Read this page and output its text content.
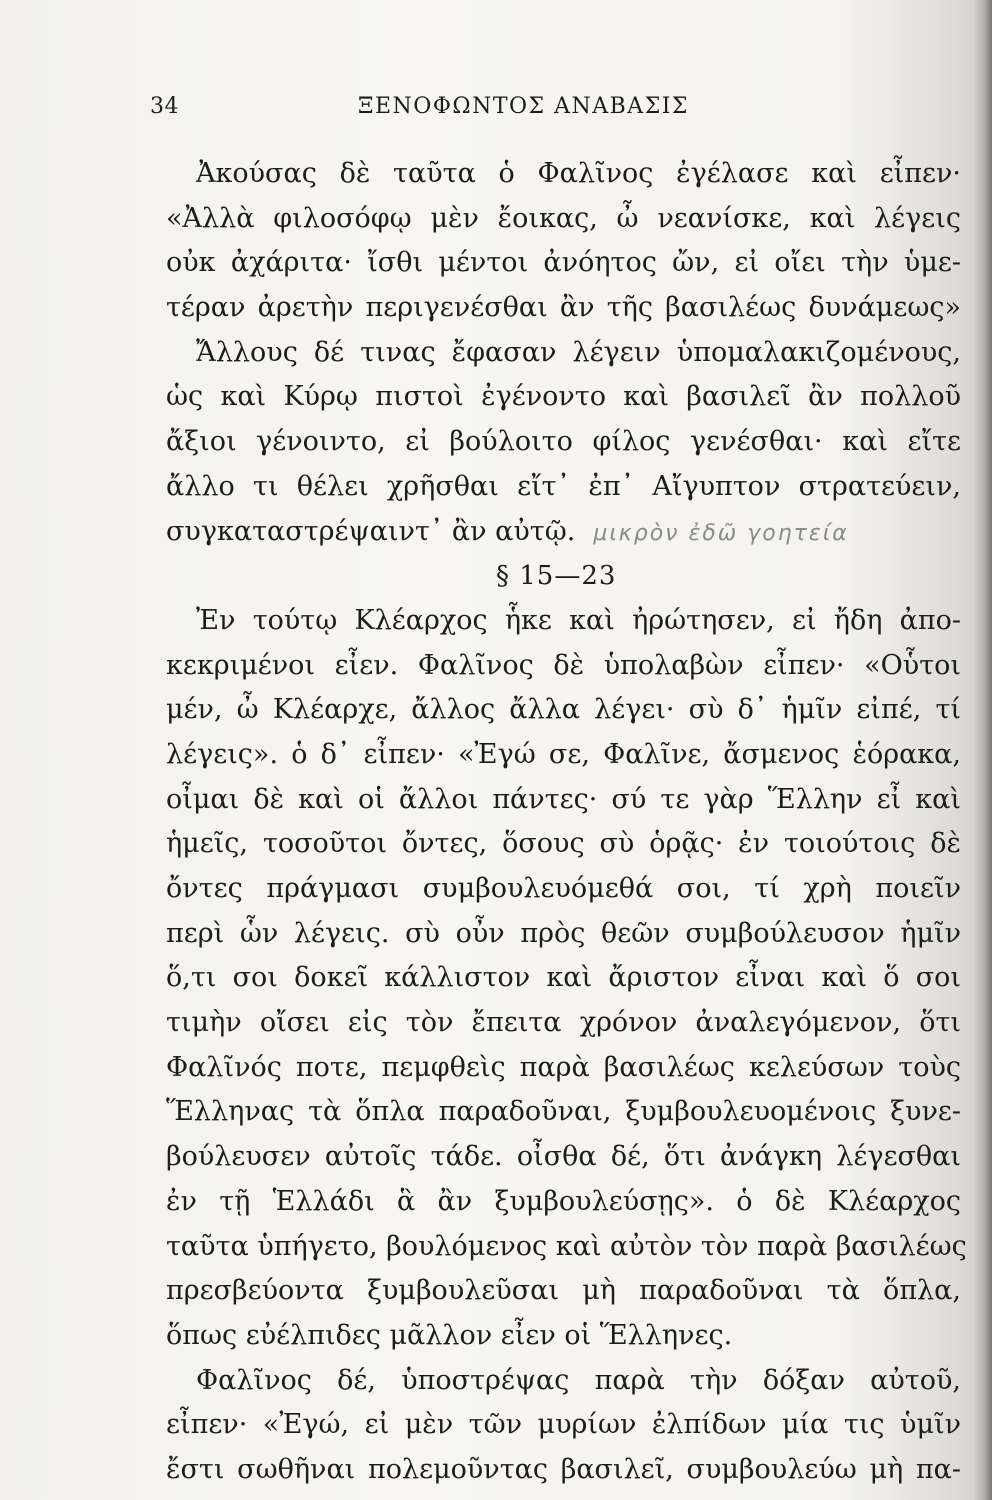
34	ΞΕΝΟΦΩΝΤΟΣ ΑΝΑΒΑΣΙΣ
Ἀκούσας δὲ ταῦτα ὁ Φαλῖνος ἐγέλασε καὶ εἶπεν·
«Ἀλλὰ φιλοσόφῳ μὲν ἔοικας, ὦ νεανίσκε, καὶ λέγεις
οὐκ ἀχάριτα· ἴσθι μέντοι ἀνόητος ὤν, εἰ οἴει τὴν ὑμε-
τέραν ἀρετὴν περιγενέσθαι ἂν τῆς βασιλέως δυνάμεως»
Ἄλλους δέ τινας ἔφασαν λέγειν ὑπομαλακιζομένους,
ὡς καὶ Κύρῳ πιστοὶ ἐγένοντο καὶ βασιλεῖ ἂν πολλοῦ
ἄξιοι γένοιντο, εἰ βούλοιτο φίλος γενέσθαι· καὶ εἴτε
ἄλλο τι θέλει χρῆσθαι εἴτ᾿ ἐπ᾿ Αἴγυπτον στρατεύειν,
συγκαταστρέψαιντ᾿ ἂν αὐτῷ. μικρὸν ἐδῶ γοητεία
§ 15—23
Ἐν τούτῳ Κλέαρχος ἧκε καὶ ἠρώτησεν, εἰ ἤδη ἀπο-
κεκριμένοι εἶεν. Φαλῖνος δὲ ὑπολαβὼν εἶπεν· «Οὗτοι
μέν, ὦ Κλέαρχε, ἄλλος ἄλλα λέγει· σὺ δ᾿ ἡμῖν εἰπέ, τί
λέγεις». ὁ δ᾿ εἶπεν· «Ἐγώ σε, Φαλῖνε, ἄσμενος ἑόρακα,
οἶμαι δὲ καὶ οἱ ἄλλοι πάντες· σύ τε γὰρ Ἕλλην εἶ καὶ
ἡμεῖς, τοσοῦτοι ὄντες, ὅσους σὺ ὁρᾷς· ἐν τοιούτοις δὲ
ὄντες πράγμασι συμβουλευόμεθά σοι, τί χρὴ ποιεῖν
περὶ ὧν λέγεις. σὺ οὖν πρὸς θεῶν συμβούλευσον ἡμῖν
ὅ,τι σοι δοκεῖ κάλλιστον καὶ ἄριστον εἶναι καὶ ὅ σοι
τιμὴν οἴσει εἰς τὸν ἔπειτα χρόνον ἀναλεγόμενον, ὅτι
Φαλῖνός ποτε, πεμφθεὶς παρὰ βασιλέως κελεύσων τοὺς
Ἕλληνας τὰ ὅπλα παραδοῦναι, ξυμβουλευομένοις ξυνε-
βούλευσεν αὐτοῖς τάδε. οἶσθα δέ, ὅτι ἀνάγκη λέγεσθαι
ἐν τῇ Ἑλλάδι ἃ ἂν ξυμβουλεύσῃς». ὁ δὲ Κλέαρχος
ταῦτα ὑπήγετο, βουλόμενος καὶ αὐτὸν τὸν παρὰ βασιλέως
πρεσβεύοντα ξυμβουλεῦσαι μὴ παραδοῦναι τὰ ὅπλα,
ὅπως εὐέλπιδες μᾶλλον εἶεν οἱ Ἕλληνες.
Φαλῖνος δέ, ὑποστρέψας παρὰ τὴν δόξαν αὐτοῦ,
εἶπεν· «Ἐγώ, εἰ μὲν τῶν μυρίων ἐλπίδων μία τις ὑμῖν
ἔστι σωθῆναι πολεμοῦντας βασιλεῖ, συμβουλεύω μὴ πα-
